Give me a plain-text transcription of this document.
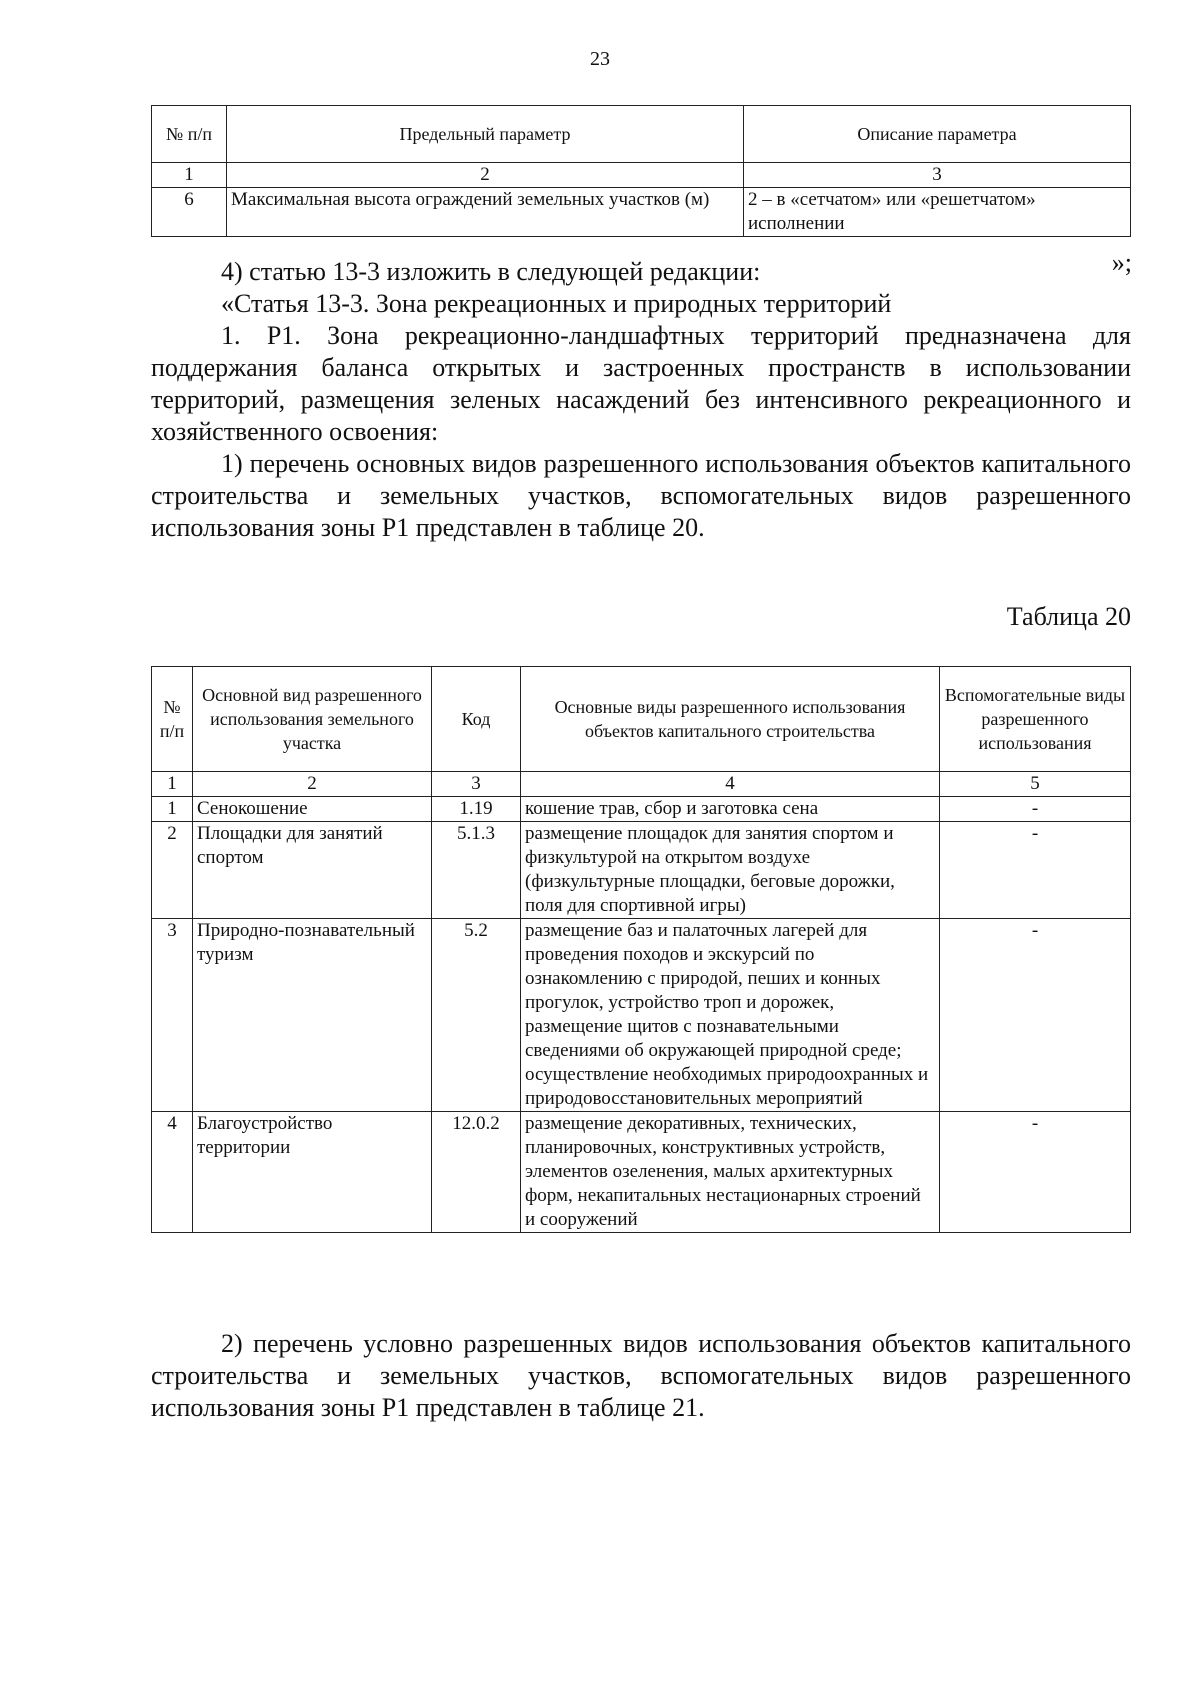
23
№ п/п	Предельный параметр	Описание параметра
1	2	3
6	Максимальная высота ограждений земельных участков (м)	2 – в «сетчатом» или «решетчатом» исполнении
»;

4) статью 13-3 изложить в следующей редакции:

«Статья 13-3. Зона рекреационных и природных территорий

1. Р1. Зона рекреационно-ландшафтных территорий предназначена для поддержания баланса открытых и застроенных пространств в использовании территорий, размещения зеленых насаждений без интенсивного рекреационного и хозяйственного освоения:

1) перечень основных видов разрешенного использования объектов капитального строительства и земельных участков, вспомогательных видов разрешенного использования зоны Р1 представлен в таблице 20.

Таблица 20
№ п/п	Основной вид разрешенного использования земельного участка	Код	Основные виды разрешенного использования объектов капитального строительства	Вспомогательные виды разрешенного использования
1	2	3	4	5
1	Сенокошение	1.19	кошение трав, сбор и заготовка сена	-
2	Площадки для занятий спортом	5.1.3	размещение площадок для занятия спортом и физкультурой на открытом воздухе (физкультурные площадки, беговые дорожки, поля для спортивной игры)	-
3	Природно-познавательный туризм	5.2	размещение баз и палаточных лагерей для проведения походов и экскурсий по ознакомлению с природой, пеших и конных прогулок, устройство троп и дорожек, размещение щитов с познавательными сведениями об окружающей природной среде; осуществление необходимых природоохранных и природовосстановительных мероприятий	-
4	Благоустройство территории	12.0.2	размещение декоративных, технических, планировочных, конструктивных устройств, элементов озеленения, малых архитектурных форм, некапитальных нестационарных строений и сооружений	-

2) перечень условно разрешенных видов использования объектов капитального строительства и земельных участков, вспомогательных видов разрешенного использования зоны Р1 представлен в таблице 21.
